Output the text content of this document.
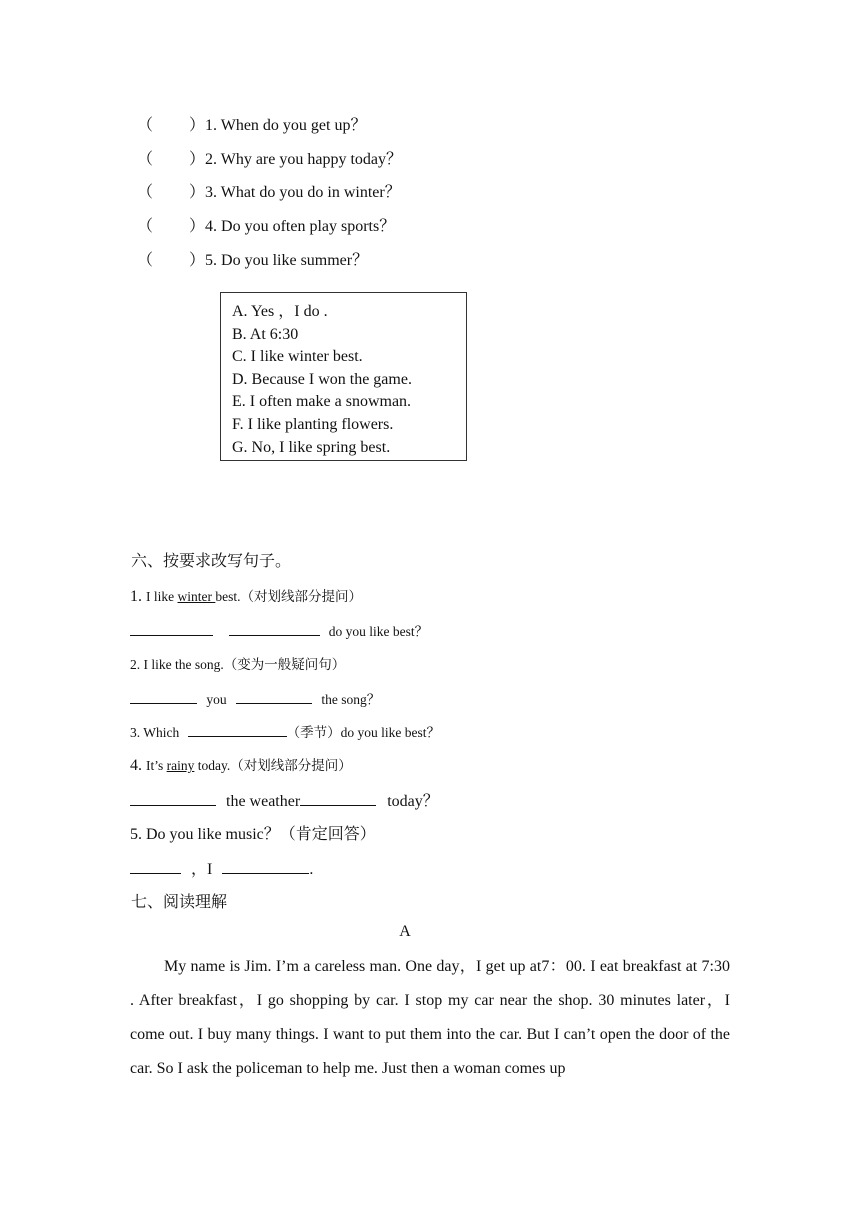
（ ）1. When do you get up？
（ ）2. Why are you happy today？
（ ）3. What do you do in winter？
（ ）4. Do you often play sports？
（ ）5. Do you like summer？
A. Yes ，I do .
B. At 6:30
C. I like winter best.
D. Because I won the game.
E. I often make a snowman.
F. I like planting flowers.
G. No, I like spring best.
六、按要求改写句子。
1. I like winter best.（对划线部分提问）
do you like best？
2. I like the song.（变为一般疑问句）
you	the song？
3. Which	（季节）do you like best？
4. It’s rainy today.（对划线部分提问）
the weather	today？
5. Do you like music？（肯定回答）
，I	.
七、阅读理解
A
My name is Jim. I’m a careless man. One day，I get up at7：00. I eat breakfast at 7:30 . After breakfast，I go shopping by car. I stop my car near the shop. 30 minutes later，I come out. I buy many things. I want to put them into the car. But I can’t open the door of the car. So I ask the policeman to help me. Just then a woman comes up
